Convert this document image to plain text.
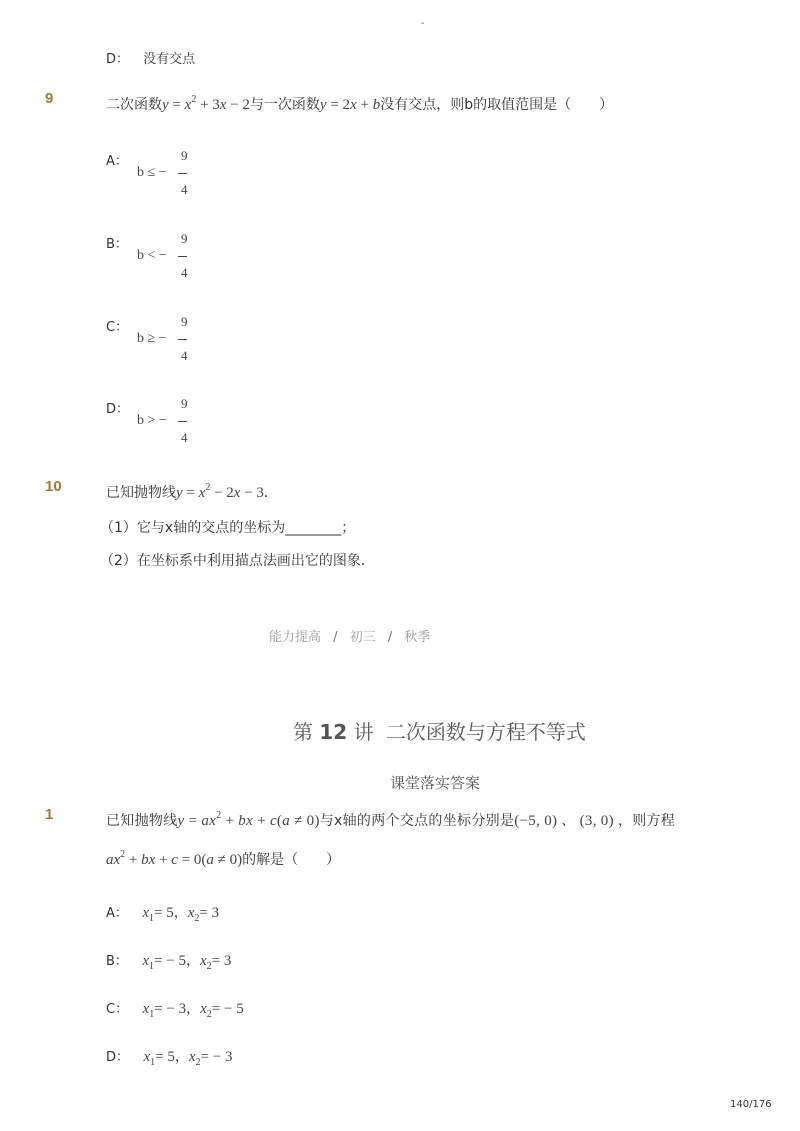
-
D： 没有交点
9	二次函数$y = x^2 + 3x - 2$与一次函数y = 2x + b没有交点，则b的取值范围是（　　）
A：	9
b ≤ −
4
B：	9
b < −
4
C：	9
b ≥ −
4
D：	9
b > −
4
10	已知抛物线$y = x^2 - 2x - 3$．
（1）它与x轴的交点的坐标为________；
（2）在坐标系中利用描点法画出它的图象．
能力提高 / 初三 / 秋季
第 12 讲 二次函数与方程不等式
课堂落实答案
1	已知抛物线$y = ax^2$ + bx + c(a ≠ 0)与x轴的两个交点的坐标分别是(−5, 0) 、 (3, 0) ，则方程
$ax^2$ + bx + c = 0(a ≠ 0)的解是（　　）
A： $x_1= 5$，$x_2= 3$
B： $x_1= - 5$，$x_2= 3$
C： $x_1= - 3$，$x_2= - 5$
D： $x_1= 5$，$x_2= - 3$
140/176
